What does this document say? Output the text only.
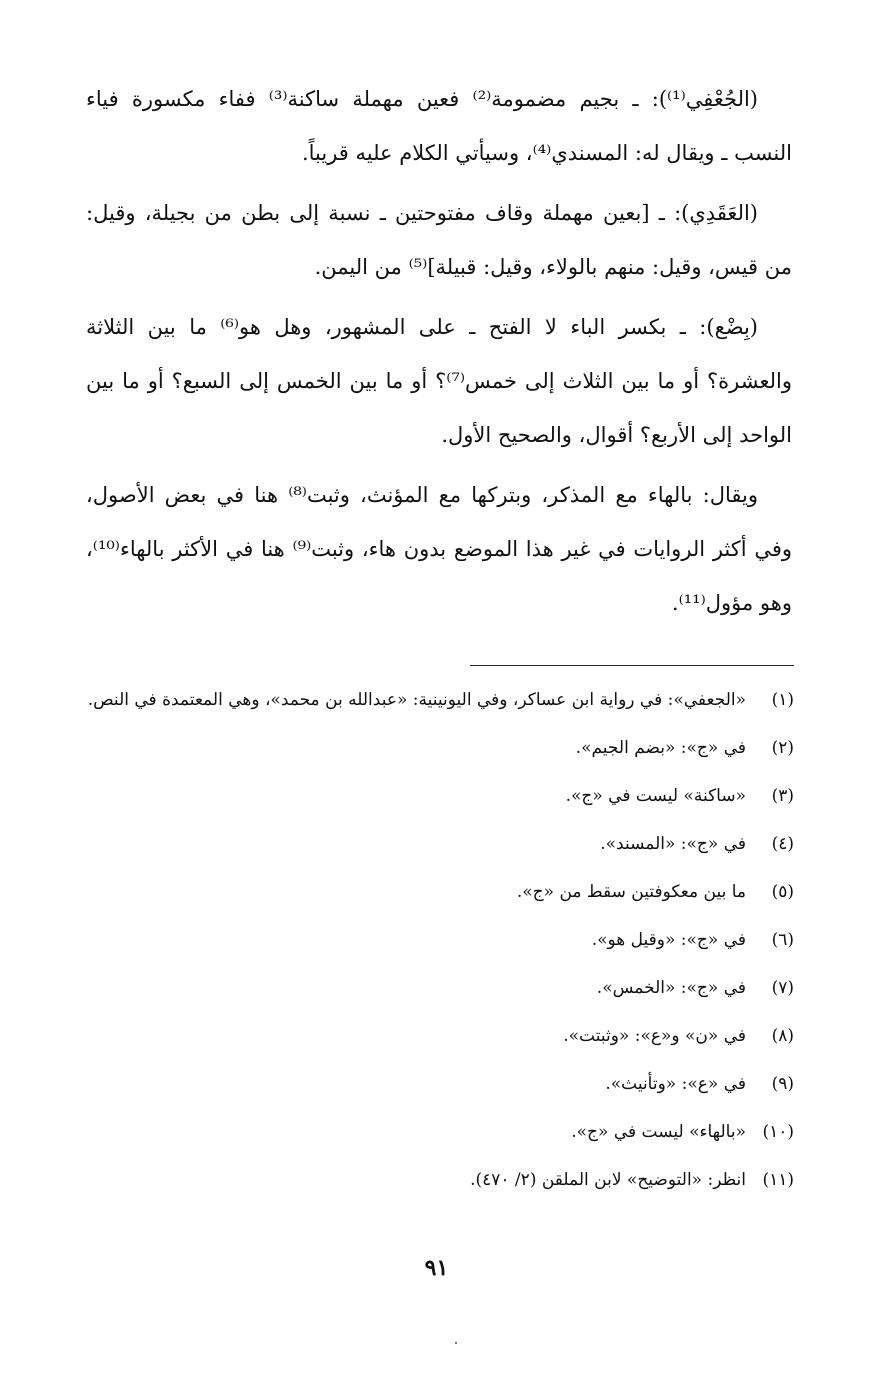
(الجُعْفِي⁽¹⁾): ـ بجيم مضمومة⁽²⁾ فعين مهملة ساكنة⁽³⁾ ففاء مكسورة فياء النسب ـ ويقال له: المسندي⁽⁴⁾، وسيأتي الكلام عليه قريباً.

(العَقَدِي): ـ [بعين مهملة وقاف مفتوحتين ـ نسبة إلى بطن من بجيلة، وقيل: من قيس، وقيل: منهم بالولاء، وقيل: قبيلة]⁽⁵⁾ من اليمن.

(بِضْع): ـ بكسر الباء لا الفتح ـ على المشهور، وهل هو⁽⁶⁾ ما بين الثلاثة والعشرة؟ أو ما بين الثلاث إلى خمس⁽⁷⁾؟ أو ما بين الخمس إلى السبع؟ أو ما بين الواحد إلى الأربع؟ أقوال، والصحيح الأول.

ويقال: بالهاء مع المذكر، وبتركها مع المؤنث، وثبت⁽⁸⁾ هنا في بعض الأصول، وفي أكثر الروايات في غير هذا الموضع بدون هاء، وثبت⁽⁹⁾ هنا في الأكثر بالهاء⁽¹⁰⁾، وهو مؤول⁽¹¹⁾.

(١)
«الجعفي»: في رواية ابن عساكر، وفي اليونينية: «عبدالله بن محمد»، وهي المعتمدة في النص.
(٢)
في «ج»: «بضم الجيم».
(٣)
«ساكنة» ليست في «ج».
(٤)
في «ج»: «المسند».
(٥)
ما بين معكوفتين سقط من «ج».
(٦)
في «ج»: «وقيل هو».
(٧)
في «ج»: «الخمس».
(٨)
في «ن» و«ع»: «وثبتت».
(٩)
في «ع»: «وتأنيث».
(١٠)
«بالهاء» ليست في «ج».
(١١)
انظر: «التوضيح» لابن الملقن (٢/ ٤٧٠).
٩١
